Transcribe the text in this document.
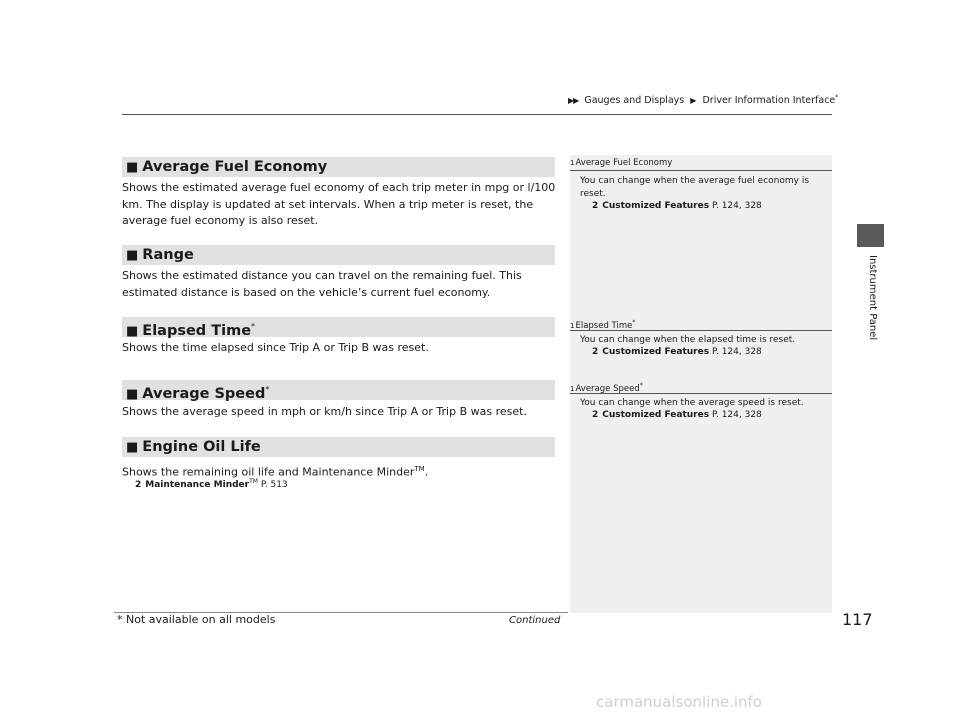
▶▶ Gauges and Displays ▶ Driver Information Interface*
Instrument Panel
■ Average Fuel Economy
Shows the estimated average fuel economy of each trip meter in mpg or l/100 km. The display is updated at set intervals. When a trip meter is reset, the average fuel economy is also reset.
■ Range
Shows the estimated distance you can travel on the remaining fuel. This estimated distance is based on the vehicle’s current fuel economy.
■ Elapsed Time*
Shows the time elapsed since Trip A or Trip B was reset.
■ Average Speed*
Shows the average speed in mph or km/h since Trip A or Trip B was reset.
■ Engine Oil Life
Shows the remaining oil life and Maintenance Minder™.
2 Maintenance Minder™ P. 513
1Average Fuel Economy
You can change when the average fuel economy is reset.
2 Customized Features P. 124, 328
1Elapsed Time*
You can change when the elapsed time is reset.
2 Customized Features P. 124, 328
1Average Speed*
You can change when the average speed is reset.
2 Customized Features P. 124, 328
* Not available on all models	Continued	117
carmanualsonline.info
